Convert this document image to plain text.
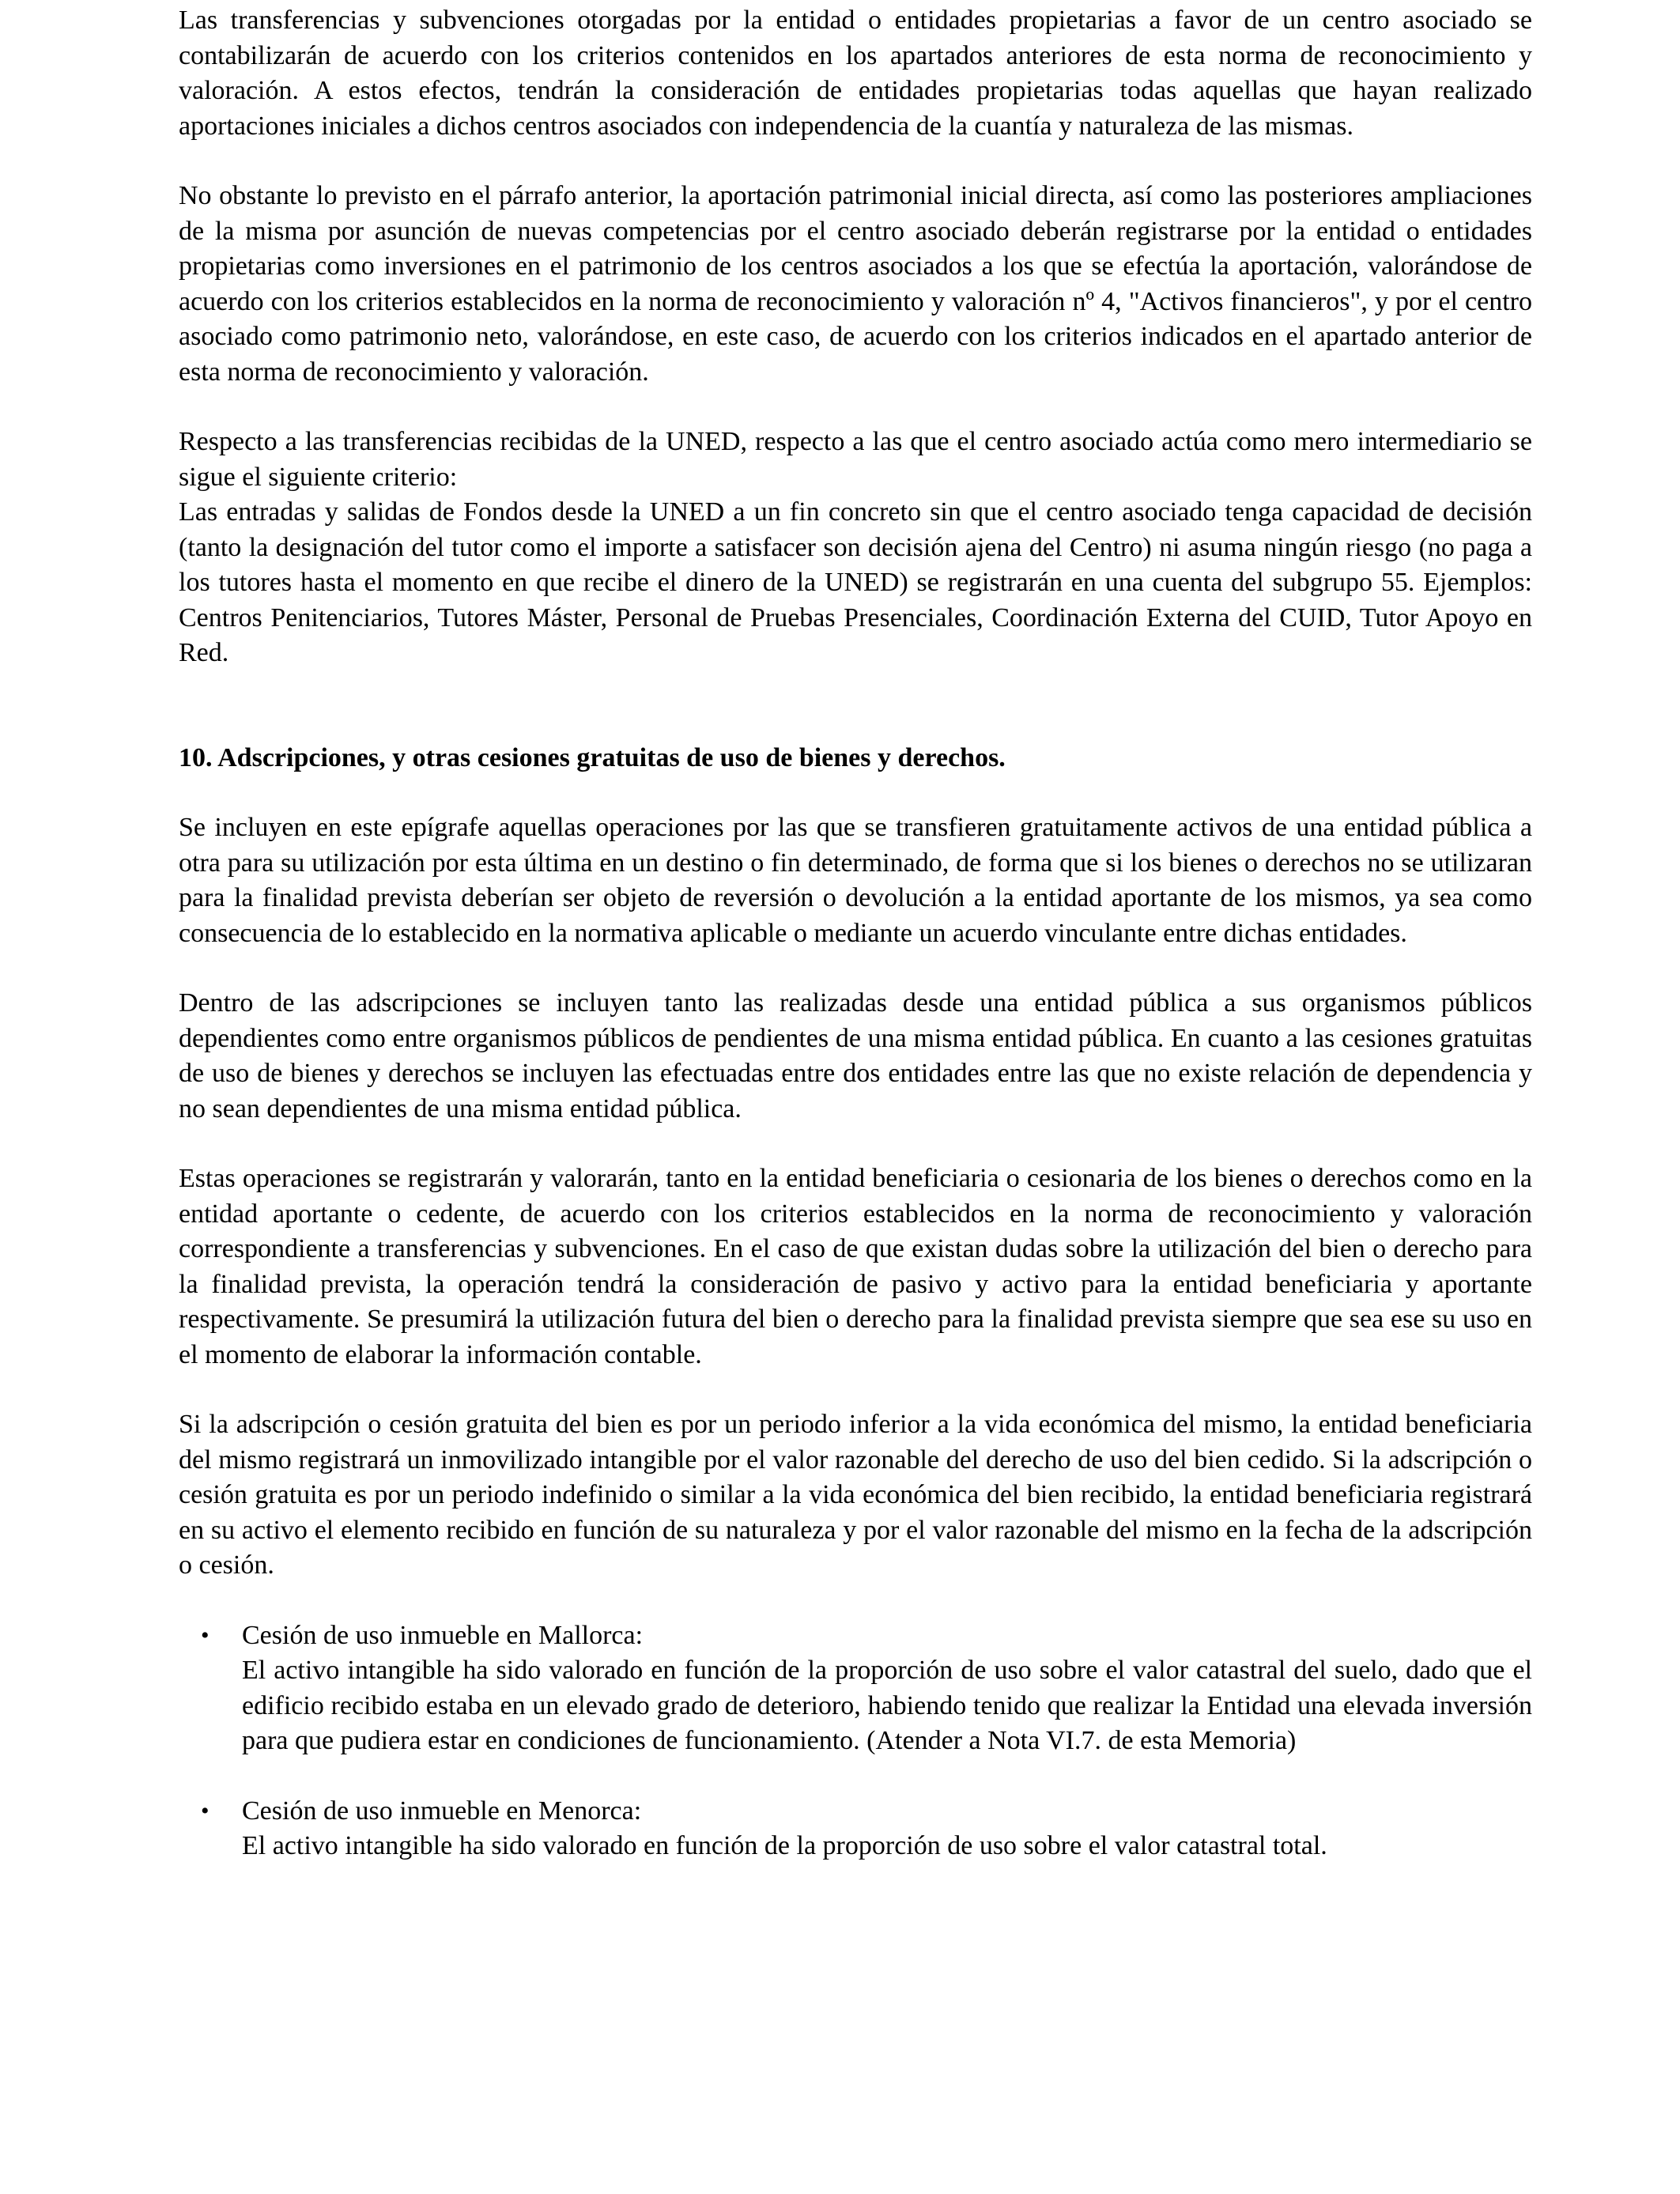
Las transferencias y subvenciones otorgadas por la entidad o entidades propietarias a favor de un centro asociado se contabilizarán de acuerdo con los criterios contenidos en los apartados anteriores de esta norma de reconocimiento y valoración. A estos efectos, tendrán la consideración de entidades propietarias todas aquellas que hayan realizado aportaciones iniciales a dichos centros asociados con independencia de la cuantía y naturaleza de las mismas.

No obstante lo previsto en el párrafo anterior, la aportación patrimonial inicial directa, así como las posteriores ampliaciones de la misma por asunción de nuevas competencias por el centro asociado deberán registrarse por la entidad o entidades propietarias como inversiones en el patrimonio de los centros asociados a los que se efectúa la aportación, valorándose de acuerdo con los criterios establecidos en la norma de reconocimiento y valoración nº 4, "Activos financieros", y por el centro asociado como patrimonio neto, valorándose, en este caso, de acuerdo con los criterios indicados en el apartado anterior de esta norma de reconocimiento y valoración.

Respecto a las transferencias recibidas de la UNED, respecto a las que el centro asociado actúa como mero intermediario se sigue el siguiente criterio:

Las entradas y salidas de Fondos desde la UNED a un fin concreto sin que el centro asociado tenga capacidad de decisión (tanto la designación del tutor como el importe a satisfacer son decisión ajena del Centro) ni asuma ningún riesgo (no paga a los tutores hasta el momento en que recibe el dinero de la UNED) se registrarán en una cuenta del subgrupo 55. Ejemplos: Centros Penitenciarios, Tutores Máster, Personal de Pruebas Presenciales, Coordinación Externa del CUID, Tutor Apoyo en Red.

10. Adscripciones, y otras cesiones gratuitas de uso de bienes y derechos.

Se incluyen en este epígrafe aquellas operaciones por las que se transfieren gratuitamente activos de una entidad pública a otra para su utilización por esta última en un destino o fin determinado, de forma que si los bienes o derechos no se utilizaran para la finalidad prevista deberían ser objeto de reversión o devolución a la entidad aportante de los mismos, ya sea como consecuencia de lo establecido en la normativa aplicable o mediante un acuerdo vinculante entre dichas entidades.

Dentro de las adscripciones se incluyen tanto las realizadas desde una entidad pública a sus organismos públicos dependientes como entre organismos públicos de pendientes de una misma entidad pública. En cuanto a las cesiones gratuitas de uso de bienes y derechos se incluyen las efectuadas entre dos entidades entre las que no existe relación de dependencia y no sean dependientes de una misma entidad pública.

Estas operaciones se registrarán y valorarán, tanto en la entidad beneficiaria o cesionaria de los bienes o derechos como en la entidad aportante o cedente, de acuerdo con los criterios establecidos en la norma de reconocimiento y valoración correspondiente a transferencias y subvenciones. En el caso de que existan dudas sobre la utilización del bien o derecho para la finalidad prevista, la operación tendrá la consideración de pasivo y activo para la entidad beneficiaria y aportante respectivamente. Se presumirá la utilización futura del bien o derecho para la finalidad prevista siempre que sea ese su uso en el momento de elaborar la información contable.

Si la adscripción o cesión gratuita del bien es por un periodo inferior a la vida económica del mismo, la entidad beneficiaria del mismo registrará un inmovilizado intangible por el valor razonable del derecho de uso del bien cedido. Si la adscripción o cesión gratuita es por un periodo indefinido o similar a la vida económica del bien recibido, la entidad beneficiaria registrará en su activo el elemento recibido en función de su naturaleza y por el valor razonable del mismo en la fecha de la adscripción o cesión.

• Cesión de uso inmueble en Mallorca:

El activo intangible ha sido valorado en función de la proporción de uso sobre el valor catastral del suelo, dado que el edificio recibido estaba en un elevado grado de deterioro, habiendo tenido que realizar la Entidad una elevada inversión para que pudiera estar en condiciones de funcionamiento. (Atender a Nota VI.7. de esta Memoria)

• Cesión de uso inmueble en Menorca:

El activo intangible ha sido valorado en función de la proporción de uso sobre el valor catastral total.
